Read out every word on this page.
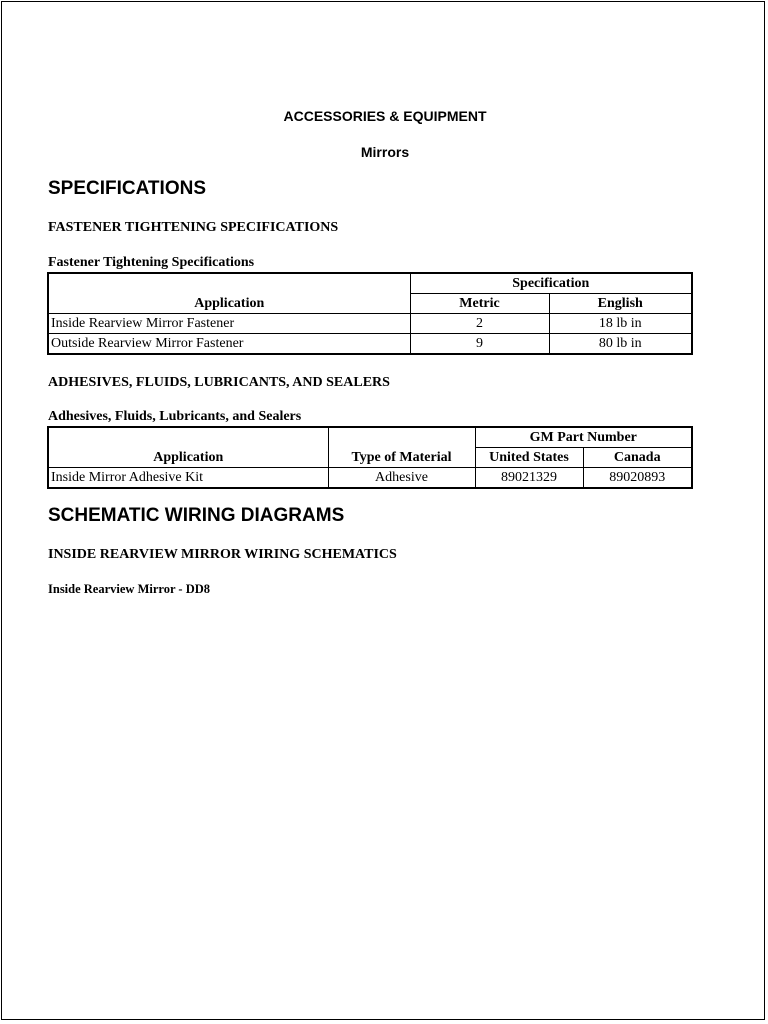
ACCESSORIES & EQUIPMENT
Mirrors
SPECIFICATIONS
FASTENER TIGHTENING SPECIFICATIONS
Fastener Tightening Specifications
Application	Specification	
	Metric	English
Inside Rearview Mirror Fastener	2	18 lb in
Outside Rearview Mirror Fastener	9	80 lb in
ADHESIVES, FLUIDS, LUBRICANTS, AND SEALERS
Adhesives, Fluids, Lubricants, and Sealers
Application	Type of Material	GM Part Number	
		United States	Canada
Inside Mirror Adhesive Kit	Adhesive	89021329	89020893
SCHEMATIC WIRING DIAGRAMS
INSIDE REARVIEW MIRROR WIRING SCHEMATICS
Inside Rearview Mirror - DD8
